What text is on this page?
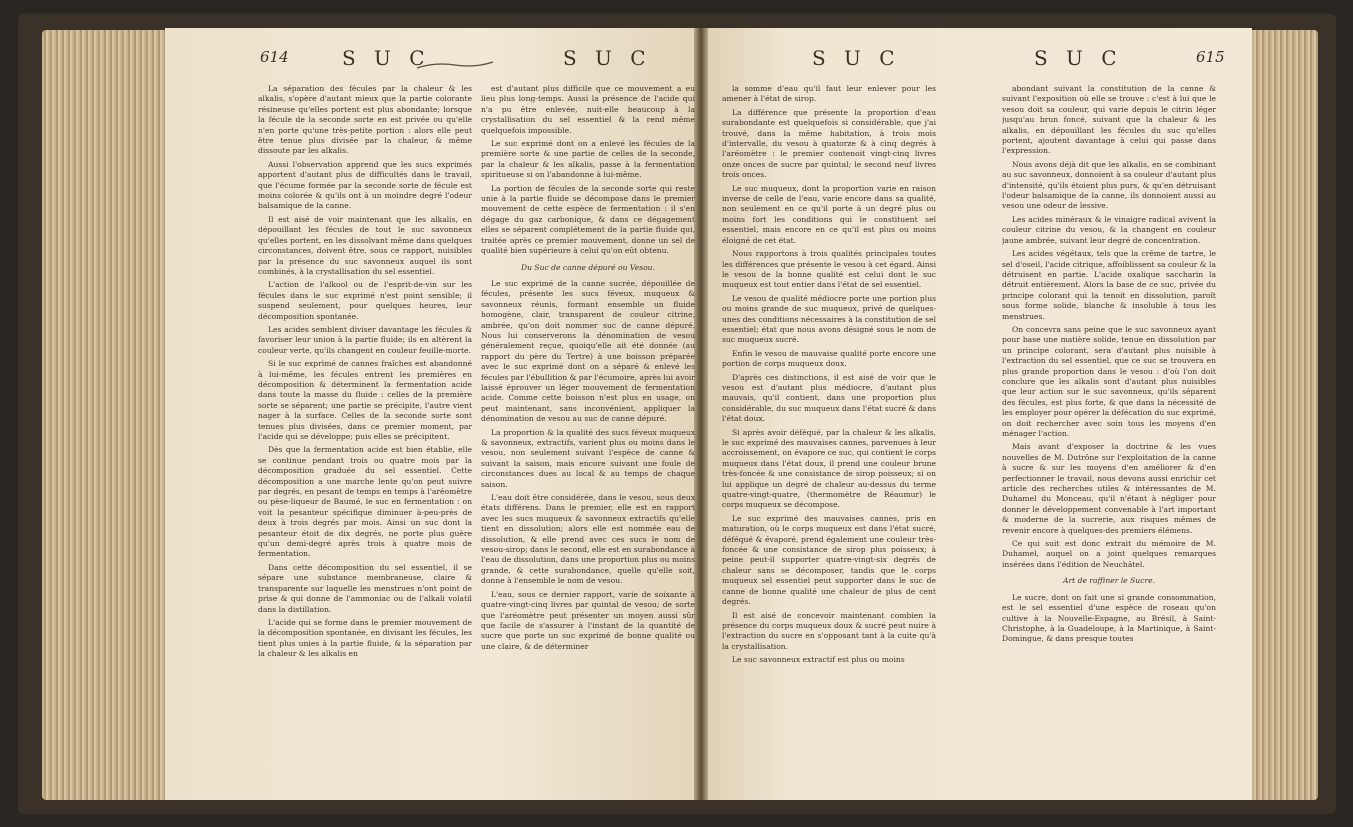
614	S U C	S U C	S U C	S U C	615

La séparation des fécules par la chaleur & les alkalis, s'opère d'autant mieux que la partie colorante résineuse qu'elles portent est plus abondante; lorsque la fécule de la seconde sorte en est privée ou qu'elle n'en porte qu'une très-petite portion : alors elle peut être tenue plus divisée par la chaleur, & même dissoute par les alkalis.

Aussi l'observation apprend que les sucs exprimés apportent d'autant plus de difficultés dans le travail, que l'écume formée par la seconde sorte de fécule est moins colorée & qu'ils ont à un moindre degré l'odeur balsamique de la canne.

Il est aisé de voir maintenant que les alkalis, en dépouillant les fécules de tout le suc savonneux qu'elles portent, en les dissolvant même dans quelques circonstances, doivent être, sous ce rapport, nuisibles par la présence du suc savonneux auquel ils sont combinés, à la crystallisation du sel essentiel.

L'action de l'alkool ou de l'esprit-de-vin sur les fécules dans le suc exprimé n'est point sensible; il suspend seulement, pour quelques heures, leur décomposition spontanée.

Les acides semblent diviser davantage les fécules & favoriser leur union à la partie fluide; ils en altèrent la couleur verte, qu'ils changent en couleur feuille-morte.

Si le suc exprimé de cannes fraîches est abandonné à lui-même, les fécules entrent les premières en décomposition & déterminent la fermentation acide dans toute la masse du fluide : celles de la première sorte se séparent; une partie se précipite, l'autre vient nager à la surface. Celles de la seconde sorte sont tenues plus divisées, dans ce premier moment, par l'acide qui se développe; puis elles se précipitent.

Dès que la fermentation acide est bien établie, elle se continue pendant trois ou quatre mois par la décomposition graduée du sel essentiel. Cette décomposition a une marche lente qu'on peut suivre par degrés, en pesant de temps en temps à l'aréomètre ou pèse-liqueur de Baumé, le suc en fermentation : on voit la pesanteur spécifique diminuer à-peu-près de deux à trois degrés par mois. Ainsi un suc dont la pesanteur étoit de dix degrés, ne porte plus guère qu'un demi-degré après trois à quatre mois de fermentation.

Dans cette décomposition du sel essentiel, il se sépare une substance membraneuse, claire & transparente sur laquelle les menstrues n'ont point de prise & qui donne de l'ammoniac ou de l'alkali volatil dans la distillation.

L'acide qui se forme dans le premier mouvement de la décomposition spontanée, en divisant les fécules, les tient plus unies à la partie fluide, & la séparation par la chaleur & les alkalis en

est d'autant plus difficile que ce mouvement a eu lieu plus long-temps. Aussi la présence de l'acide qui n'a pu être enlevée, nuit-elle beaucoup à la crystallisation du sel essentiel & la rend même quelquefois impossible.

Le suc exprimé dont on a enlevé les fécules de la première sorte & une partie de celles de la seconde, par la chaleur & les alkalis, passe à la fermentation spiritueuse si on l'abandonne à lui-même.

La portion de fécules de la seconde sorte qui reste unie à la partie fluide se décompose dans le premier mouvement de cette espèce de fermentation : il s'en dégage du gaz carbonique, & dans ce dégagement elles se séparent complétement de la partie fluide qui, traitée après ce premier mouvement, donne un sel de qualité bien supérieure à celui qu'on eût obtenu.

Du Suc de canne dépuré ou Vesou.

Le suc exprimé de la canne sucrée, dépouillée de fécules, présente les sucs féveux, muqueux & savonneux réunis, formant ensemble un fluide homogène, clair, transparent de couleur citrine, ambrée, qu'on doit nommer suc de canne dépuré. Nous lui conserverons la dénomination de vesou généralement reçue, quoiqu'elle ait été donnée (au rapport du père du Tertre) à une boisson préparée avec le suc exprimé dont on a séparé & enlevé les fécules par l'ébullition & par l'écumoire, après lui avoir laissé éprouver un léger mouvement de fermentation acide. Comme cette boisson n'est plus en usage, on peut maintenant, sans inconvénient, appliquer la dénomination de vesou au suc de canne dépuré.

La proportion & la qualité des sucs féveux muqueux & savonneux, extractifs, varient plus ou moins dans le vesou, non seulement suivant l'espèce de canne & suivant la saison, mais encore suivant une foule de circonstances dues au local & au temps de chaque saison.

L'eau doit être considérée, dans le vesou, sous deux états différens. Dans le premier, elle est en rapport avec les sucs muqueux & savonneux extractifs qu'elle tient en dissolution; alors elle est nommée eau de dissolution, & elle prend avec ces sucs le nom de vesou-sirop; dans le second, elle est en surabondance à l'eau de dissolution, dans une proportion plus ou moins grande, & cette surabondance, quelle qu'elle soit, donne à l'ensemble le nom de vesou.

L'eau, sous ce dernier rapport, varie de soixante à quatre-vingt-cinq livres par quintal de vesou; de sorte que l'aréomètre peut présenter un moyen aussi sûr que facile de s'assurer à l'instant de la quantité de sucre que porte un suc exprimé de bonne qualité ou une claire, & de déterminer

la somme d'eau qu'il faut leur enlever pour les amener à l'état de sirop.

La différence que présente la proportion d'eau surabondante est quelquefois si considérable, que j'ai trouvé, dans la même habitation, à trois mois d'intervalle, du vesou à quatorze & à cinq degrés à l'aréomètre : le premier contenoit vingt-cinq livres onze onces de sucre par quintal; le second neuf livres trois onces.

Le suc muqueux, dont la proportion varie en raison inverse de celle de l'eau, varie encore dans sa qualité, non seulement en ce qu'il porte à un degré plus ou moins fort les conditions qui le constituent sel essentiel, mais encore en ce qu'il est plus ou moins éloigné de cet état.

Nous rapportons à trois qualités principales toutes les différences que présente le vesou à cet égard. Ainsi le vesou de la bonne qualité est celui dont le suc muqueux est tout entier dans l'état de sel essentiel.

Le vesou de qualité médiocre porte une portion plus ou moins grande de suc muqueux, privé de quelques-unes des conditions nécessaires à la constitution de sel essentiel; état que nous avons désigné sous le nom de suc muqueux sucré.

Enfin le vesou de mauvaise qualité porte encore une portion de corps muqueux doux.

D'après ces distinctions, il est aisé de voir que le vesou est d'autant plus médiocre, d'autant plus mauvais, qu'il contient, dans une proportion plus considérable, du suc muqueux dans l'état sucré & dans l'état doux.

Si après avoir déféqué, par la chaleur & les alkalis, le suc exprimé des mauvaises cannes, parvenues à leur accroissement, on évapore ce suc, qui contient le corps muqueux dans l'état doux, il prend une couleur brune très-foncée & une consistance de sirop poisseux; si on lui applique un degré de chaleur au-dessus du terme quatre-vingt-quatre, (thermomètre de Réaumur) le corps muqueux se décompose.

Le suc exprimé des mauvaises cannes, pris en maturation, où le corps muqueux est dans l'état sucré, déféqué & évaporé, prend également une couleur très-foncée & une consistance de sirop plus poisseux; à peine peut-il supporter quatre-vingt-six degrés de chaleur sans se décomposer, tandis que le corps muqueux sel essentiel peut supporter dans le suc de canne de bonne qualité une chaleur de plus de cent degrés.

Il est aisé de concevoir maintenant combien la présence du corps muqueux doux & sucré peut nuire à l'extraction du sucre en s'opposant tant à la cuite qu'à la crystallisation.

Le suc savonneux extractif est plus ou moins

abondant suivant la constitution de la canne & suivant l'exposition où elle se trouve : c'est à lui que le vesou doit sa couleur, qui varie depuis le citrin léger jusqu'au brun foncé, suivant que la chaleur & les alkalis, en dépouillant les fécules du suc qu'elles portent, ajoutent davantage à celui qui passe dans l'expression.

Nous avons déjà dit que les alkalis, en se combinant au suc savonneux, donnoient à sa couleur d'autant plus d'intensité, qu'ils étoient plus purs, & qu'en détruisant l'odeur balsamique de la canne, ils donnoient aussi au vesou une odeur de lessive.

Les acides minéraux & le vinaigre radical avivent la couleur citrine du vesou, & la changent en couleur jaune ambrée, suivant leur degré de concentration.

Les acides végétaux, tels que la crême de tartre, le sel d'oseil, l'acide citrique, affoiblissent sa couleur & la détruisent en partie. L'acide oxalique saccharin la détruit entièrement. Alors la base de ce suc, privée du principe colorant qui la tenoit en dissolution, paroît sous forme solide, blanche & insoluble à tous les menstrues.

On concevra sans peine que le suc savonneux ayant pour base une matière solide, tenue en dissolution par un principe colorant, sera d'autant plus nuisible à l'extraction du sel essentiel, que ce suc se trouvera en plus grande proportion dans le vesou : d'où l'on doit conclure que les alkalis sont d'autant plus nuisibles que leur action sur le suc savonneux, qu'ils séparent des fécules, est plus forte, & que dans la nécessité de les employer pour opérer la défécation du suc exprimé, on doit rechercher avec soin tous les moyens d'en ménager l'action.

Mais avant d'exposer la doctrine & les vues nouvelles de M. Dutrône sur l'exploitation de la canne à sucre & sur les moyens d'en améliorer & d'en perfectionner le travail, nous devons aussi enrichir cet article des recherches utiles & intéressantes de M. Duhamel du Monceau, qu'il n'étant à négliger pour donner le développement convenable à l'art important & moderne de la sucrerie, aux risques mêmes de revenir encore à quelques-des premiers élémens.

Ce qui suit est donc extrait du mémoire de M. Duhamel, auquel on a joint quelques remarques insérées dans l'édition de Neuchâtel.

Art de raffiner le Sucre.

Le sucre, dont on fait une si grande consommation, est le sel essentiel d'une espèce de roseau qu'on cultive à la Nouvelle-Espagne, au Brésil, à Saint-Christophe, à la Guadeloupe, à la Martinique, à Saint-Domingue, & dans presque toutes
